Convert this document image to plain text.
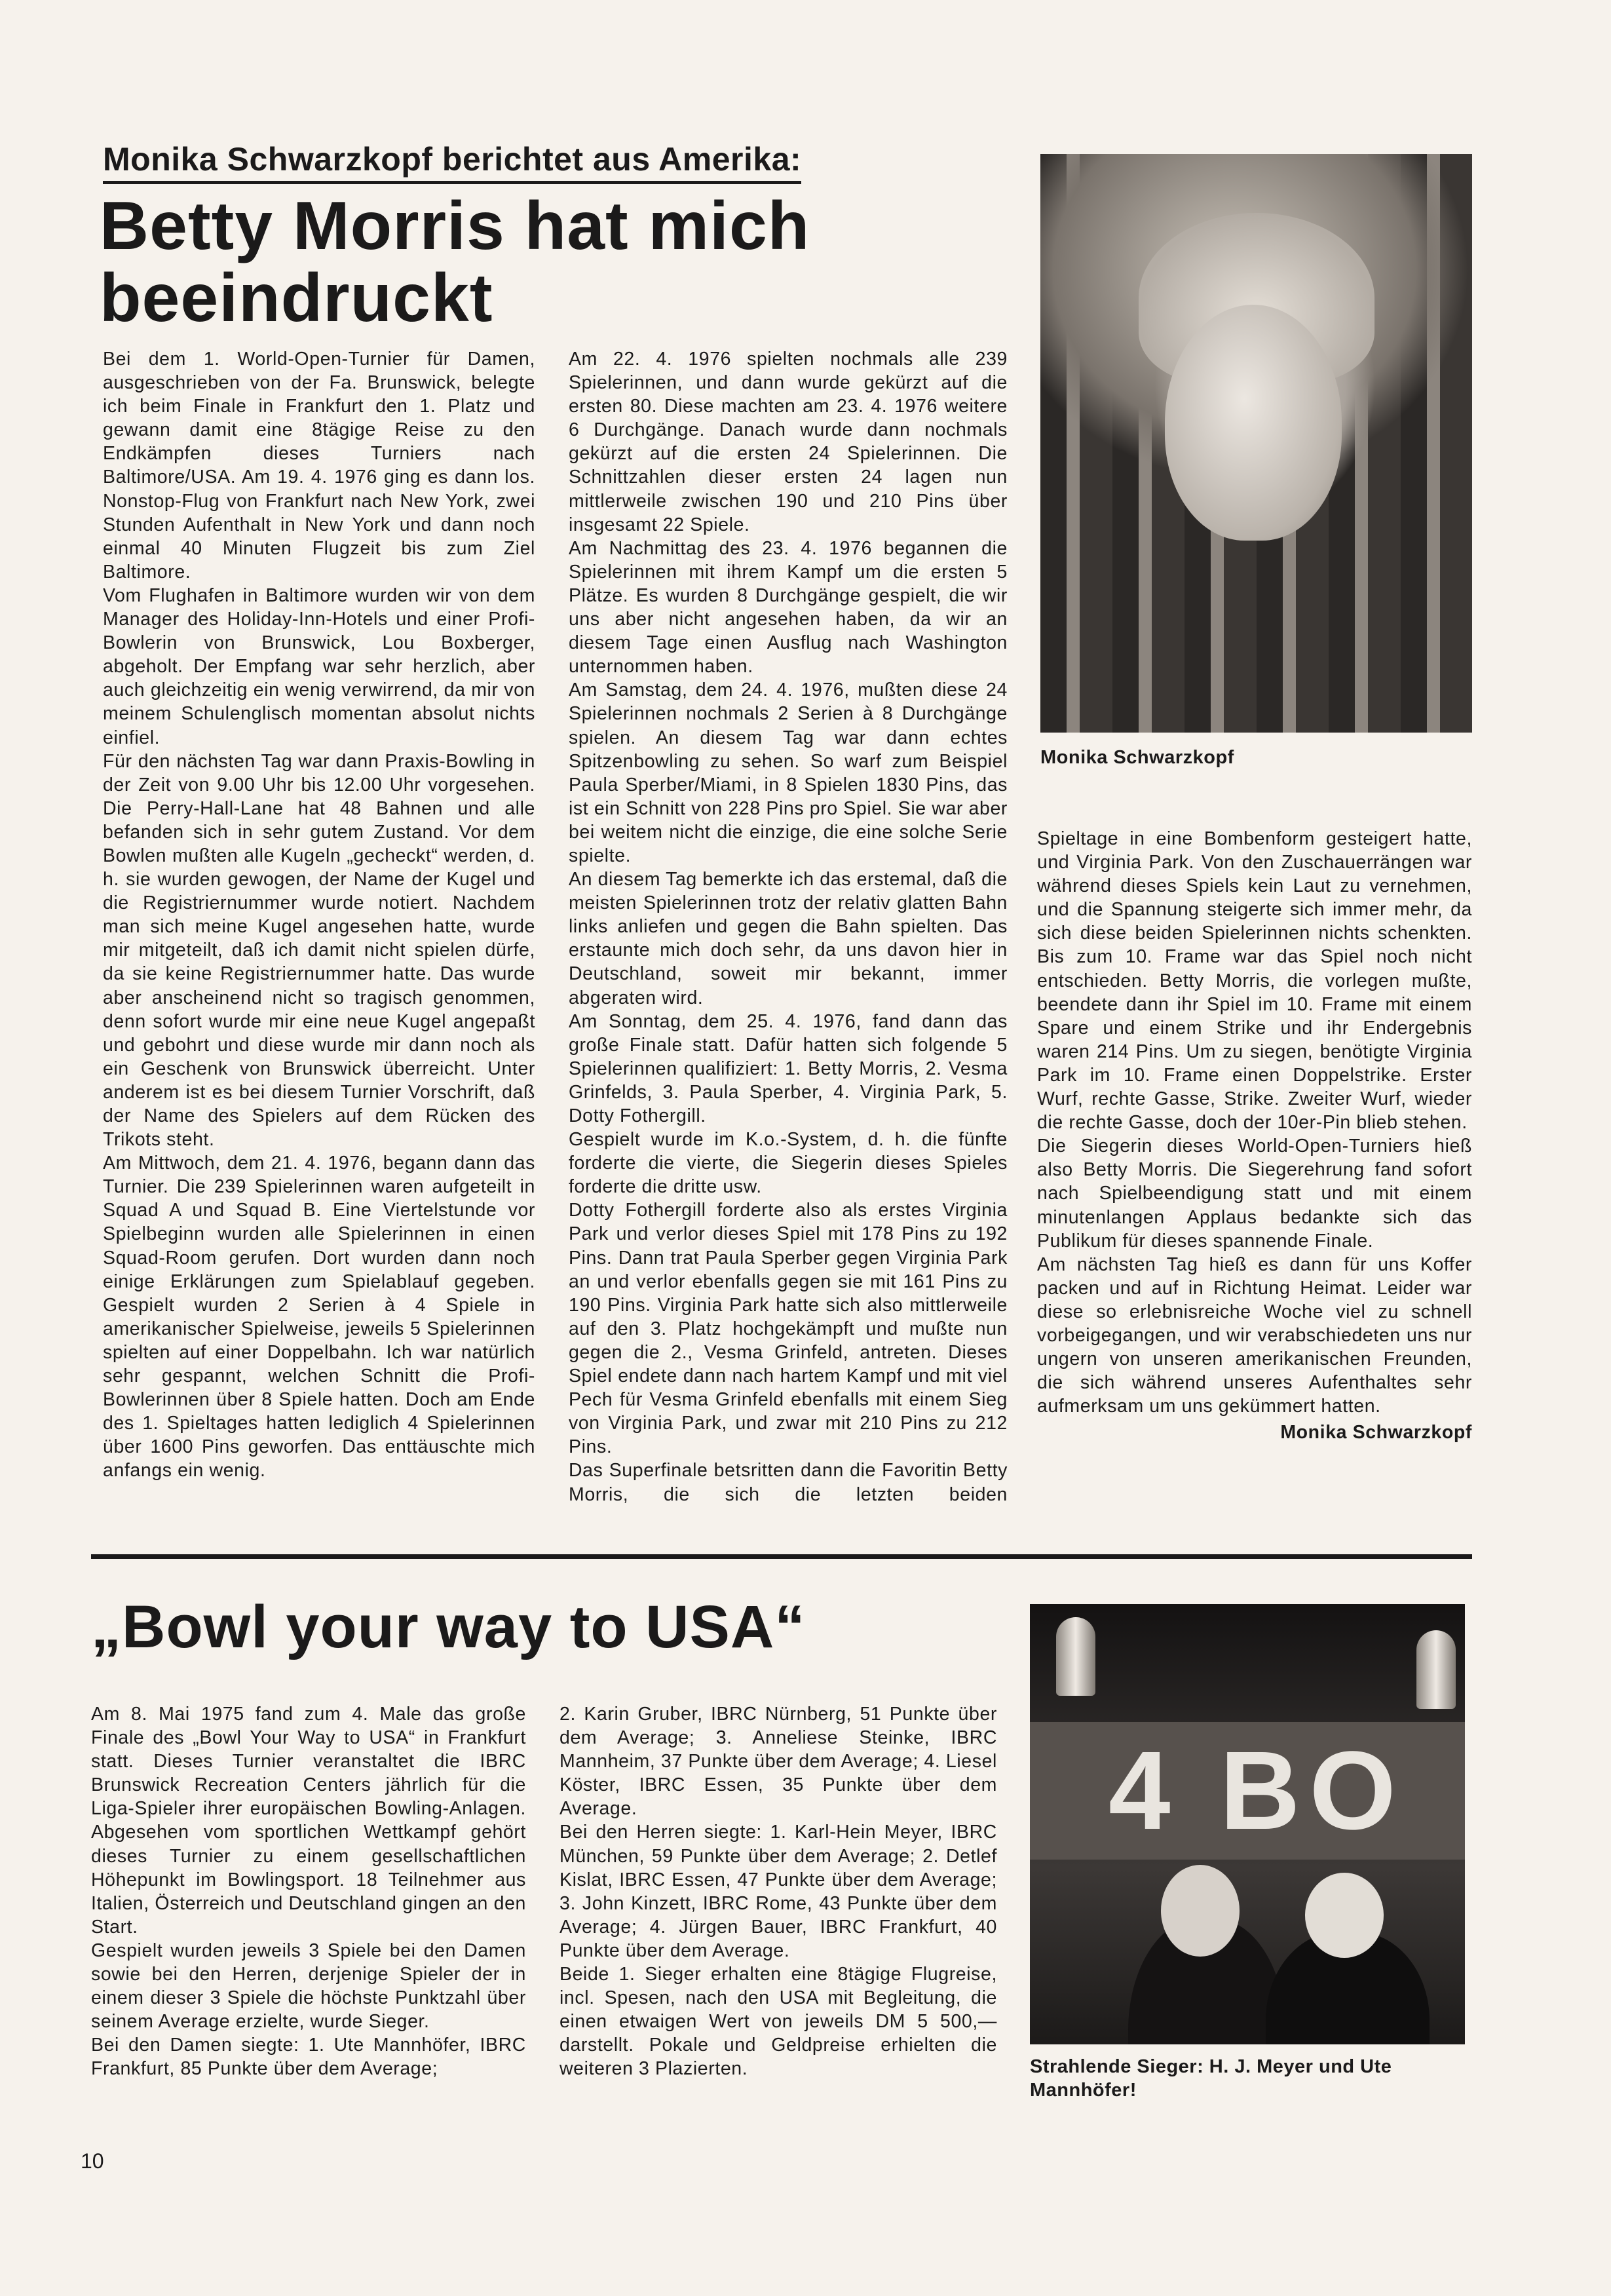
Monika Schwarzkopf berichtet aus Amerika:
Betty Morris hat mich
beeindruckt

Bei dem 1. World-Open-Turnier für Damen, ausgeschrieben von der Fa. Brunswick, belegte ich beim Finale in Frankfurt den 1. Platz und gewann damit eine 8tägige Reise zu den Endkämpfen dieses Turniers nach Baltimore/USA. Am 19. 4. 1976 ging es dann los. Nonstop-Flug von Frankfurt nach New York, zwei Stunden Aufenthalt in New York und dann noch einmal 40 Minuten Flugzeit bis zum Ziel Baltimore.

Vom Flughafen in Baltimore wurden wir von dem Manager des Holiday-Inn-Hotels und einer Profi-Bowlerin von Brunswick, Lou Boxberger, abgeholt. Der Empfang war sehr herzlich, aber auch gleichzeitig ein wenig verwirrend, da mir von meinem Schulenglisch momentan absolut nichts einfiel.

Für den nächsten Tag war dann Praxis-Bowling in der Zeit von 9.00 Uhr bis 12.00 Uhr vorgesehen. Die Perry-Hall-Lane hat 48 Bahnen und alle befanden sich in sehr gutem Zustand. Vor dem Bowlen mußten alle Kugeln „gecheckt“ werden, d. h. sie wurden gewogen, der Name der Kugel und die Registriernummer wurde notiert. Nachdem man sich meine Kugel angesehen hatte, wurde mir mitgeteilt, daß ich damit nicht spielen dürfe, da sie keine Registriernummer hatte. Das wurde aber anscheinend nicht so tragisch genommen, denn sofort wurde mir eine neue Kugel angepaßt und gebohrt und diese wurde mir dann noch als ein Geschenk von Brunswick überreicht. Unter anderem ist es bei diesem Turnier Vorschrift, daß der Name des Spielers auf dem Rücken des Trikots steht.

Am Mittwoch, dem 21. 4. 1976, begann dann das Turnier. Die 239 Spielerinnen waren aufgeteilt in Squad A und Squad B. Eine Viertelstunde vor Spielbeginn wurden alle Spielerinnen in einen Squad-Room gerufen. Dort wurden dann noch einige Erklärungen zum Spielablauf gegeben. Gespielt wurden 2 Serien à 4 Spiele in amerikanischer Spielweise, jeweils 5 Spielerinnen spielten auf einer Doppelbahn. Ich war natürlich sehr gespannt, welchen Schnitt die Profi-Bowlerinnen über 8 Spiele hatten. Doch am Ende des 1. Spieltages hatten lediglich 4 Spielerinnen über 1600 Pins geworfen. Das enttäuschte mich anfangs ein wenig.

Am 22. 4. 1976 spielten nochmals alle 239 Spielerinnen, und dann wurde gekürzt auf die ersten 80. Diese machten am 23. 4. 1976 weitere 6 Durchgänge. Danach wurde dann nochmals gekürzt auf die ersten 24 Spielerinnen. Die Schnittzahlen dieser ersten 24 lagen nun mittlerweile zwischen 190 und 210 Pins über insgesamt 22 Spiele.

Am Nachmittag des 23. 4. 1976 begannen die Spielerinnen mit ihrem Kampf um die ersten 5 Plätze. Es wurden 8 Durchgänge gespielt, die wir uns aber nicht angesehen haben, da wir an diesem Tage einen Ausflug nach Washington unternommen haben.

Am Samstag, dem 24. 4. 1976, mußten diese 24 Spielerinnen nochmals 2 Serien à 8 Durchgänge spielen. An diesem Tag war dann echtes Spitzenbowling zu sehen. So warf zum Beispiel Paula Sperber/Miami, in 8 Spielen 1830 Pins, das ist ein Schnitt von 228 Pins pro Spiel. Sie war aber bei weitem nicht die einzige, die eine solche Serie spielte.

An diesem Tag bemerkte ich das erstemal, daß die meisten Spielerinnen trotz der relativ glatten Bahn links anliefen und gegen die Bahn spielten. Das erstaunte mich doch sehr, da uns davon hier in Deutschland, soweit mir bekannt, immer abgeraten wird.

Am Sonntag, dem 25. 4. 1976, fand dann das große Finale statt. Dafür hatten sich folgende 5 Spielerinnen qualifiziert: 1. Betty Morris, 2. Vesma Grinfelds, 3. Paula Sperber, 4. Virginia Park, 5. Dotty Fothergill.

Gespielt wurde im K.o.-System, d. h. die fünfte forderte die vierte, die Siegerin dieses Spieles forderte die dritte usw.

Dotty Fothergill forderte also als erstes Virginia Park und verlor dieses Spiel mit 178 Pins zu 192 Pins. Dann trat Paula Sperber gegen Virginia Park an und verlor ebenfalls gegen sie mit 161 Pins zu 190 Pins. Virginia Park hatte sich also mittlerweile auf den 3. Platz hochgekämpft und mußte nun gegen die 2., Vesma Grinfeld, antreten. Dieses Spiel endete dann nach hartem Kampf und mit viel Pech für Vesma Grinfeld ebenfalls mit einem Sieg von Virginia Park, und zwar mit 210 Pins zu 212 Pins.

Das Superfinale betsritten dann die Favoritin Betty Morris, die sich die letzten beiden

Monika Schwarzkopf

Spieltage in eine Bombenform gesteigert hatte, und Virginia Park. Von den Zuschauerrängen war während dieses Spiels kein Laut zu vernehmen, und die Spannung steigerte sich immer mehr, da sich diese beiden Spielerinnen nichts schenkten. Bis zum 10. Frame war das Spiel noch nicht entschieden. Betty Morris, die vorlegen mußte, beendete dann ihr Spiel im 10. Frame mit einem Spare und einem Strike und ihr Endergebnis waren 214 Pins. Um zu siegen, benötigte Virginia Park im 10. Frame einen Doppelstrike. Erster Wurf, rechte Gasse, Strike. Zweiter Wurf, wieder die rechte Gasse, doch der 10er-Pin blieb stehen.

Die Siegerin dieses World-Open-Turniers hieß also Betty Morris. Die Siegerehrung fand sofort nach Spielbeendigung statt und mit einem minutenlangen Applaus bedankte sich das Publikum für dieses spannende Finale.

Am nächsten Tag hieß es dann für uns Koffer packen und auf in Richtung Heimat. Leider war diese so erlebnisreiche Woche viel zu schnell vorbeigegangen, und wir verabschiedeten uns nur ungern von unseren amerikanischen Freunden, die sich während unseres Aufenthaltes sehr aufmerksam um uns gekümmert hatten.

Monika Schwarzkopf

„Bowl your way to USA“

Am 8. Mai 1975 fand zum 4. Male das große Finale des „Bowl Your Way to USA“ in Frankfurt statt. Dieses Turnier veranstaltet die IBRC Brunswick Recreation Centers jährlich für die Liga-Spieler ihrer europäischen Bowling-Anlagen. Abgesehen vom sportlichen Wettkampf gehört dieses Turnier zu einem gesellschaftlichen Höhepunkt im Bowlingsport. 18 Teilnehmer aus Italien, Österreich und Deutschland gingen an den Start.

Gespielt wurden jeweils 3 Spiele bei den Damen sowie bei den Herren, derjenige Spieler der in einem dieser 3 Spiele die höchste Punktzahl über seinem Average erzielte, wurde Sieger.

Bei den Damen siegte: 1. Ute Mannhöfer, IBRC Frankfurt, 85 Punkte über dem Average;

2. Karin Gruber, IBRC Nürnberg, 51 Punkte über dem Average; 3. Anneliese Steinke, IBRC Mannheim, 37 Punkte über dem Average; 4. Liesel Köster, IBRC Essen, 35 Punkte über dem Average.

Bei den Herren siegte: 1. Karl-Hein Meyer, IBRC München, 59 Punkte über dem Average; 2. Detlef Kislat, IBRC Essen, 47 Punkte über dem Average; 3. John Kinzett, IBRC Rome, 43 Punkte über dem Average; 4. Jürgen Bauer, IBRC Frankfurt, 40 Punkte über dem Average.

Beide 1. Sieger erhalten eine 8tägige Flugreise, incl. Spesen, nach den USA mit Begleitung, die einen etwaigen Wert von jeweils DM 5 500,— darstellt. Pokale und Geldpreise erhielten die weiteren 3 Plazierten.

4 BO
Strahlende Sieger: H. J. Meyer und Ute Mannhöfer!
10
